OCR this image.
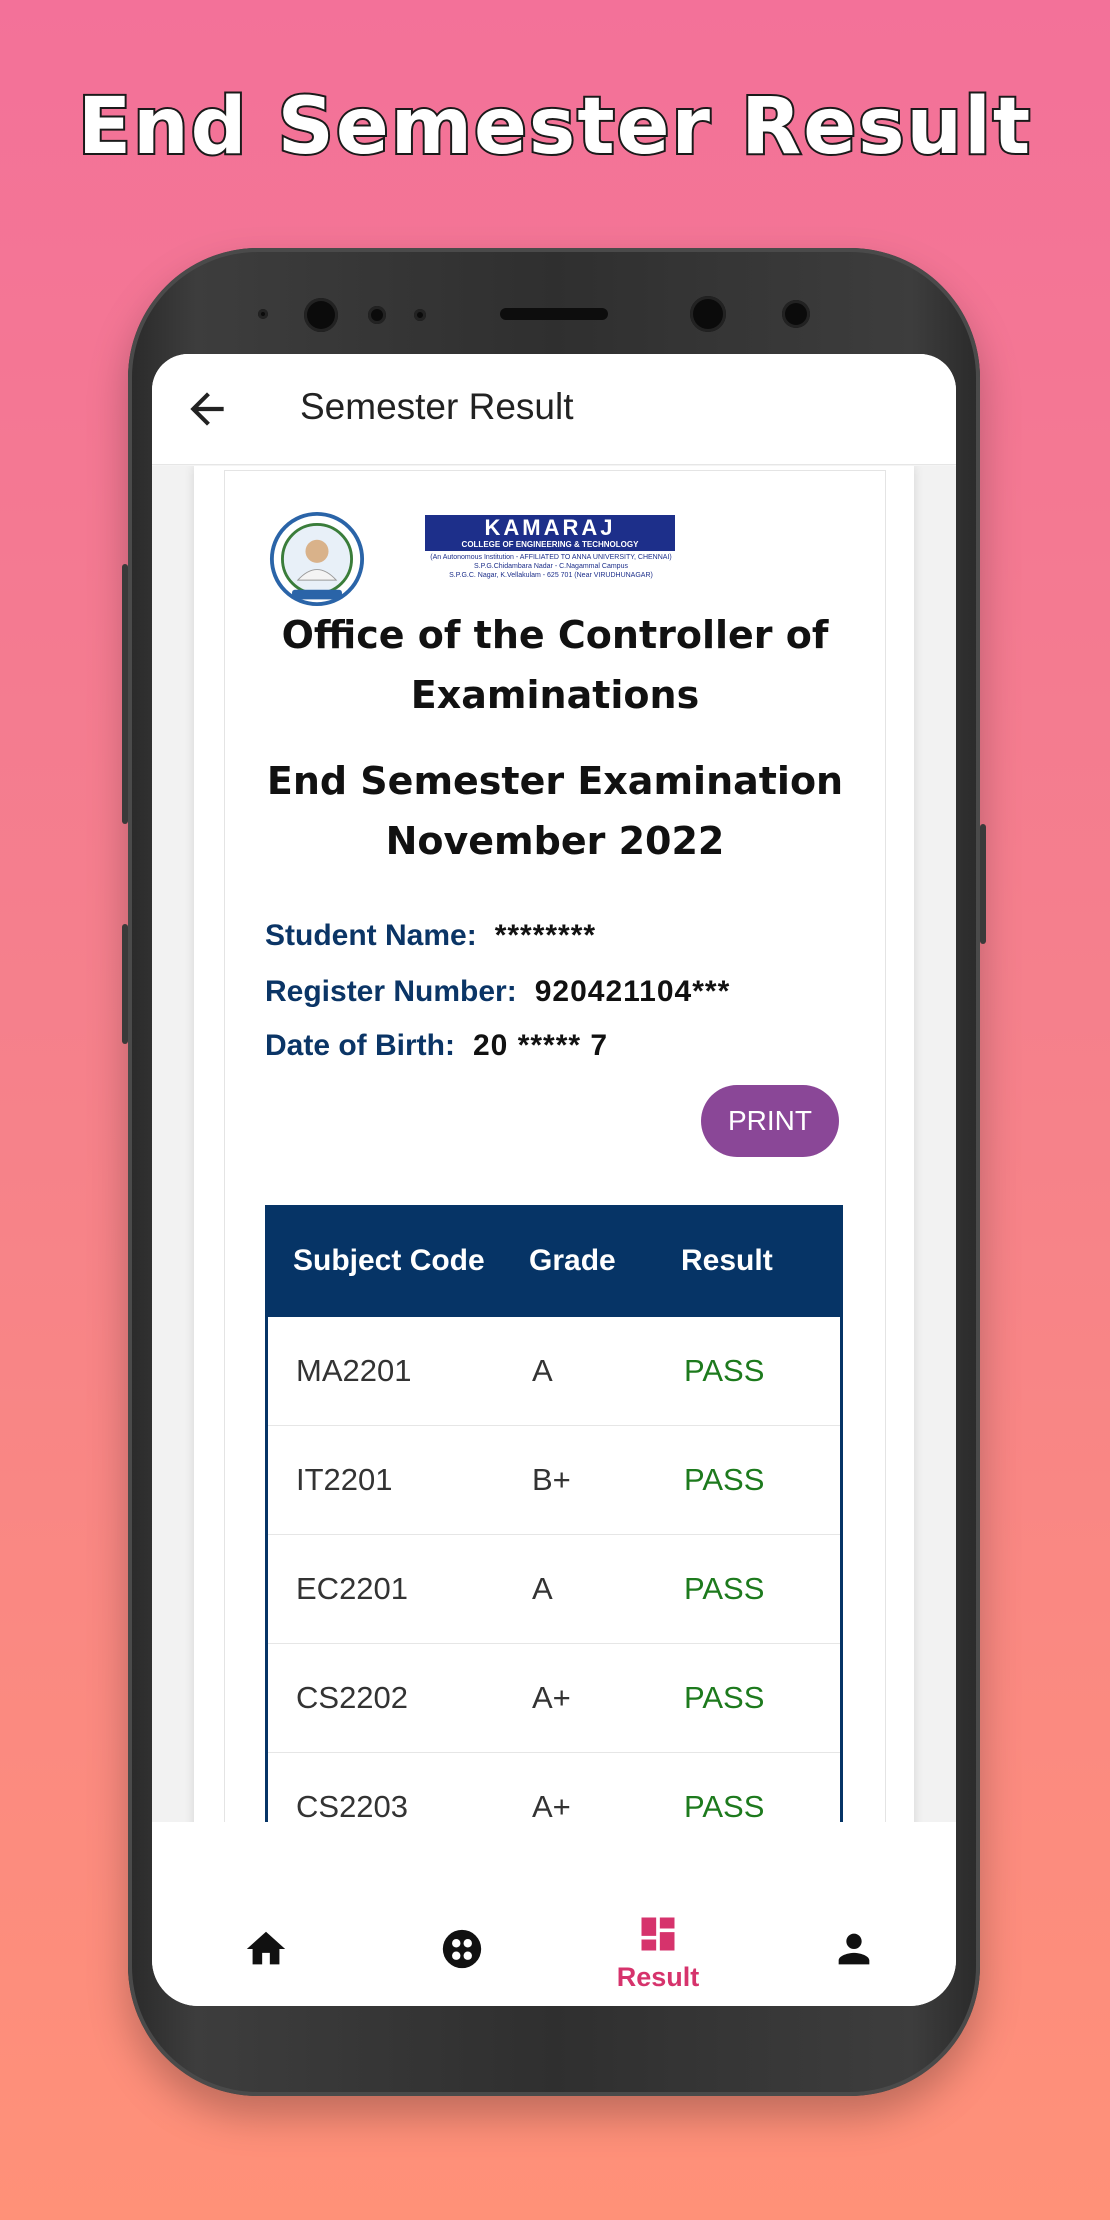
End Semester Result
Semester Result
KAMARAJ
COLLEGE OF ENGINEERING & TECHNOLOGY
(An Autonomous Institution - AFFILIATED TO ANNA UNIVERSITY, CHENNAI)
S.P.G.Chidambara Nadar - C.Nagammal Campus
S.P.G.C. Nagar, K.Vellakulam - 625 701 (Near VIRUDHUNAGAR)
Office of the Controller of
Examinations
End Semester Examination
November 2022
Student Name: ********
Register Number: 920421104***
Date of Birth: 20 ***** 7
PRINT
Subject Code	Grade	Result
MA2201	A	PASS
IT2201	B+	PASS
EC2201	A	PASS
CS2202	A+	PASS
CS2203	A+	PASS
Result
